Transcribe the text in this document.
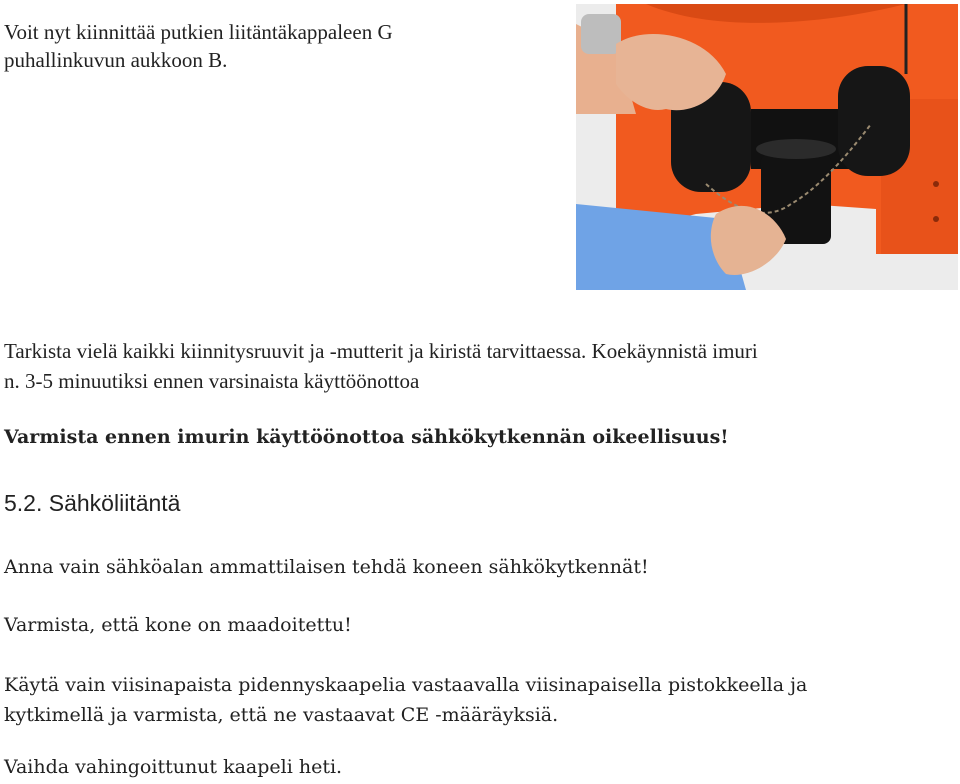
Voit nyt kiinnittää putkien liitäntäkappaleen G
puhallinkuvun aukkoon B.

Tarkista vielä kaikki kiinnitysruuvit ja -mutterit ja kiristä tarvittaessa. Koekäynnistä imuri
n. 3-5 minuutiksi ennen varsinaista käyttöönottoa

Varmista ennen imurin käyttöönottoa sähkökytkennän oikeellisuus!

5.2. Sähköliitäntä

Anna vain sähköalan ammattilaisen tehdä koneen sähkökytkennät!

Varmista, että kone on maadoitettu!

Käytä vain viisinapaista pidennyskaapelia vastaavalla viisinapaisella pistokkeella ja
kytkimellä ja varmista, että ne vastaavat CE -määräyksiä.

Vaihda vahingoittunut kaapeli heti.
